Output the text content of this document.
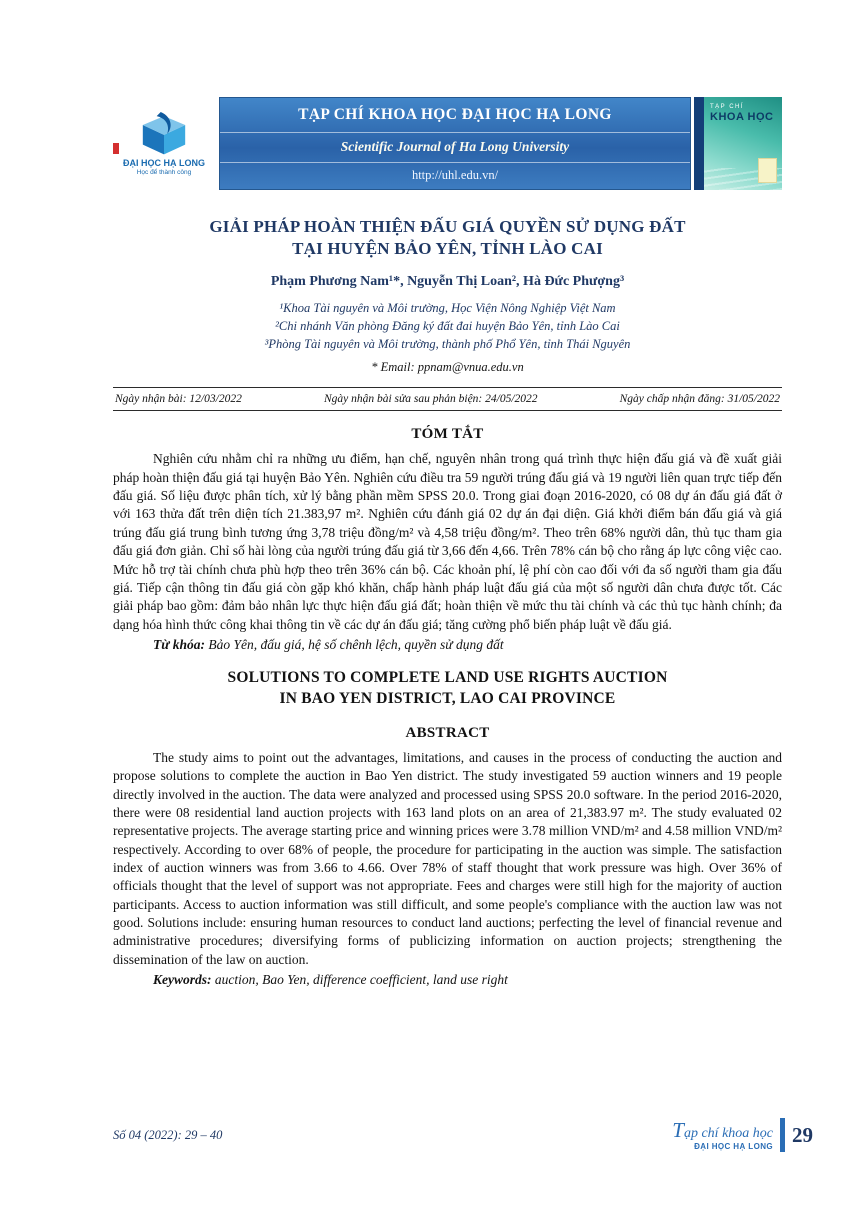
ĐẠI HỌC HẠ LONG
Học để thành công
TẠP CHÍ KHOA HỌC ĐẠI HỌC HẠ LONG
Scientific Journal of Ha Long University
http://uhl.edu.vn/
TẠP CHÍ
KHOA HỌC
GIẢI PHÁP HOÀN THIỆN ĐẤU GIÁ QUYỀN SỬ DỤNG ĐẤT
TẠI HUYỆN BẢO YÊN, TỈNH LÀO CAI
Phạm Phương Nam¹*, Nguyễn Thị Loan², Hà Đức Phượng³
¹Khoa Tài nguyên và Môi trường, Học Viện Nông Nghiệp Việt Nam
²Chi nhánh Văn phòng Đăng ký đất đai huyện Bảo Yên, tỉnh Lào Cai
³Phòng Tài nguyên và Môi trường, thành phố Phổ Yên, tỉnh Thái Nguyên
* Email: ppnam@vnua.edu.vn
Ngày nhận bài: 12/03/2022	Ngày nhận bài sửa sau phản biện: 24/05/2022	Ngày chấp nhận đăng: 31/05/2022
TÓM TẮT

Nghiên cứu nhằm chỉ ra những ưu điểm, hạn chế, nguyên nhân trong quá trình thực hiện đấu giá và đề xuất giải pháp hoàn thiện đấu giá tại huyện Bảo Yên. Nghiên cứu điều tra 59 người trúng đấu giá và 19 người liên quan trực tiếp đến đấu giá. Số liệu được phân tích, xử lý bằng phần mềm SPSS 20.0. Trong giai đoạn 2016-2020, có 08 dự án đấu giá đất ở với 163 thửa đất trên diện tích 21.383,97 m². Nghiên cứu đánh giá 02 dự án đại diện. Giá khởi điểm bán đấu giá và giá trúng đấu giá trung bình tương ứng 3,78 triệu đồng/m² và 4,58 triệu đồng/m². Theo trên 68% người dân, thủ tục tham gia đấu giá đơn giản. Chỉ số hài lòng của người trúng đấu giá từ 3,66 đến 4,66. Trên 78% cán bộ cho rằng áp lực công việc cao. Mức hỗ trợ tài chính chưa phù hợp theo trên 36% cán bộ. Các khoản phí, lệ phí còn cao đối với đa số người tham gia đấu giá. Tiếp cận thông tin đấu giá còn gặp khó khăn, chấp hành pháp luật đấu giá của một số người dân chưa được tốt. Các giải pháp bao gồm: đảm bảo nhân lực thực hiện đấu giá đất; hoàn thiện về mức thu tài chính và các thủ tục hành chính; đa dạng hóa hình thức công khai thông tin về các dự án đấu giá; tăng cường phổ biến pháp luật về đấu giá.

Từ khóa: Bảo Yên, đấu giá, hệ số chênh lệch, quyền sử dụng đất

SOLUTIONS TO COMPLETE LAND USE RIGHTS AUCTION
IN BAO YEN DISTRICT, LAO CAI PROVINCE
ABSTRACT

The study aims to point out the advantages, limitations, and causes in the process of conducting the auction and propose solutions to complete the auction in Bao Yen district. The study investigated 59 auction winners and 19 people directly involved in the auction. The data were analyzed and processed using SPSS 20.0 software. In the period 2016-2020, there were 08 residential land auction projects with 163 land plots on an area of 21,383.97 m². The study evaluated 02 representative projects. The average starting price and winning prices were 3.78 million VND/m² and 4.58 million VND/m² respectively. According to over 68% of people, the procedure for participating in the auction was simple. The satisfaction index of auction winners was from 3.66 to 4.66. Over 78% of staff thought that work pressure was high. Over 36% of officials thought that the level of support was not appropriate. Fees and charges were still high for the majority of auction participants. Access to auction information was still difficult, and some people's compliance with the auction law was not good. Solutions include: ensuring human resources to conduct land auctions; perfecting the level of financial revenue and administrative procedures; diversifying forms of publicizing information on auction projects; strengthening the dissemination of the law on auction.

Keywords: auction, Bao Yen, difference coefficient, land use right

Số 04 (2022): 29 – 40	Tạp chí khoa học
ĐẠI HỌC HẠ LONG 29
